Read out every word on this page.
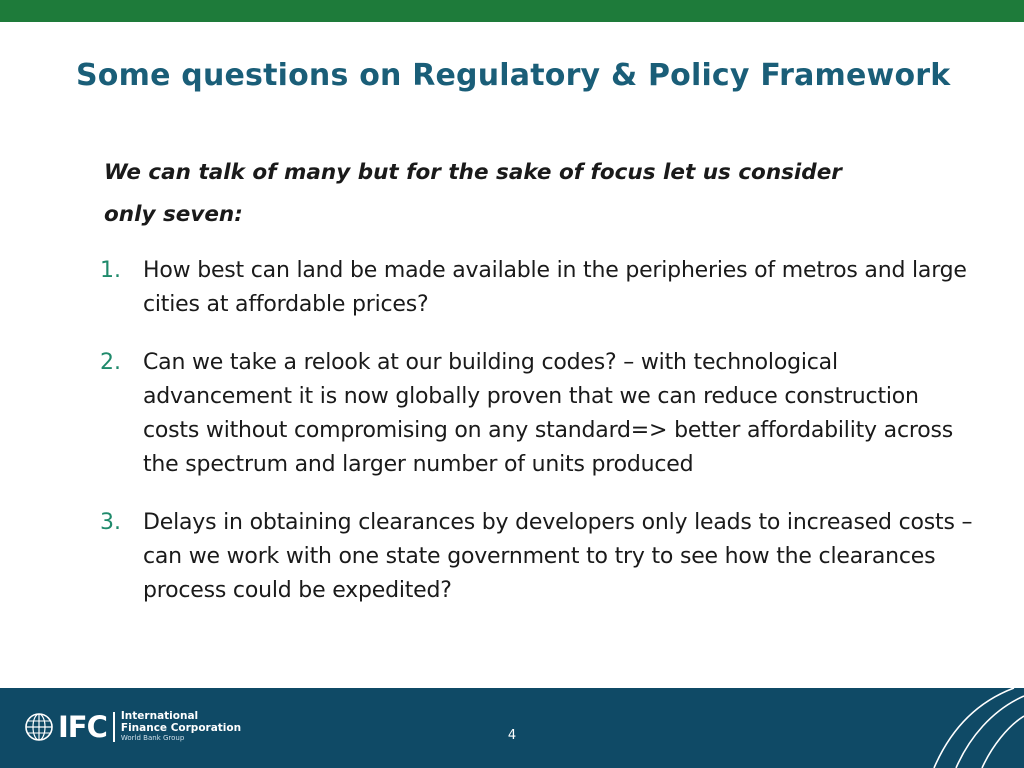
Some questions on Regulatory & Policy Framework
We can talk of many but for the sake of focus let us consider
only seven:
1.	How best can land be made available in the peripheries of metros and large cities at affordable prices?
2.	Can we take a relook at our building codes? – with technological advancement it is now globally proven that we can reduce construction costs without compromising on any standard=> better affordability across the spectrum and larger number of units produced
3.	Delays in obtaining clearances by developers only leads to increased costs – can we work with one state government to try to see how the clearances process could be expedited?
IFC International
Finance Corporation
World Bank Group	4
